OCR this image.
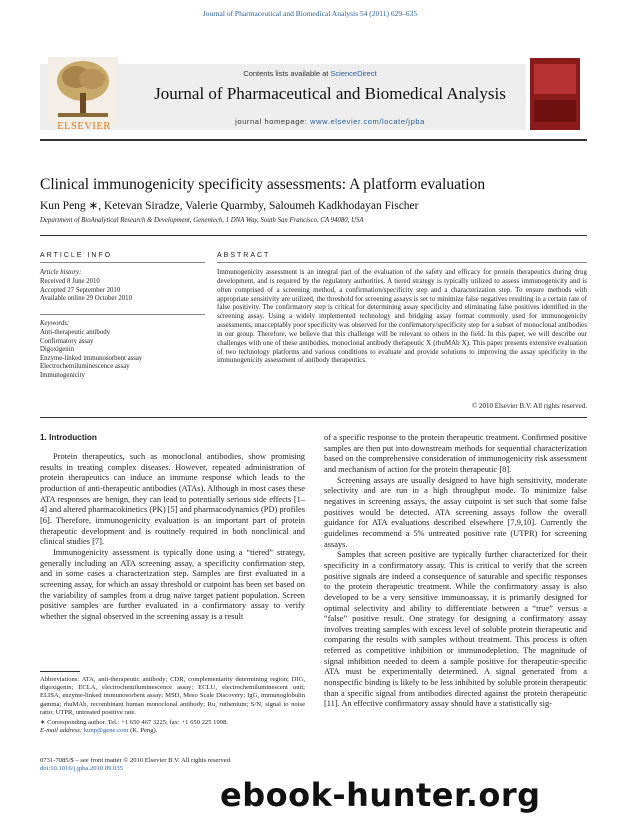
Journal of Pharmaceutical and Biomedical Analysis 54 (2011) 629–635
Contents lists available at ScienceDirect
Journal of Pharmaceutical and Biomedical Analysis
journal homepage: www.elsevier.com/locate/jpba
ELSEVIER
Clinical immunogenicity specificity assessments: A platform evaluation
Kun Peng ∗, Ketevan Siradze, Valerie Quarmby, Saloumeh Kadkhodayan Fischer
Department of BioAnalytical Research & Development, Genentech, 1 DNA Way, South San Francisco, CA 94080, USA
ARTICLE INFO	ABSTRACT
Article history:
Received 8 June 2010
Accepted 27 September 2010
Available online 29 October 2010
Keywords:
Anti-therapeutic antibody
Confirmatory assay
Digoxigenin
Enzyme-linked immunosorbent assay
Electrochemiluminescence assay
Immunogenicity
Immunogenicity assessment is an integral part of the evaluation of the safety and efficacy for protein therapeutics during drug development, and is required by the regulatory authorities. A tiered strategy is typically utilized to assess immunogenicity and is often comprised of a screening method, a confirmation/specificity step and a characterization step. To ensure methods with appropriate sensitivity are utilized, the threshold for screening assays is set to minimize false negatives resulting in a certain rate of false positivity. The confirmatory step is critical for determining assay specificity and eliminating false positives identified in the screening assay. Using a widely implemented technology and bridging assay format commonly used for immunogenicity assessments, unacceptably poor specificity was observed for the confirmatory/specificity step for a subset of monoclonal antibodies in our group. Therefore, we believe that this challenge will be relevant to others in the field. In this paper, we will describe our challenges with one of these antibodies, monoclonal antibody therapeutic X (rhuMAb X). This paper presents extensive evaluation of two technology platforms and various conditions to evaluate and provide solutions to improving the assay specificity in the immunogenicity assessment of antibody therapeutics.
© 2010 Elsevier B.V. All rights reserved.
1. Introduction

Protein therapeutics, such as monoclonal antibodies, show promising results in treating complex diseases. However, repeated administration of protein therapeutics can induce an immune response which leads to the production of anti-therapeutic antibodies (ATAs). Although in most cases these ATA responses are benign, they can lead to potentially serious side effects [1–4] and altered pharmacokinetics (PK) [5] and pharmacodynamics (PD) profiles [6]. Therefore, immunogenicity evaluation is an important part of protein therapeutic development and is routinely required in both nonclinical and clinical studies [7].

Immunogenicity assessment is typically done using a “tiered” strategy, generally including an ATA screening assay, a specificity confirmation step, and in some cases a characterization step. Samples are first evaluated in a screening assay, for which an assay threshold or cutpoint has been set based on the variability of samples from a drug naïve target patient population. Screen positive samples are further evaluated in a confirmatory assay to verify whether the signal observed in the screening assay is a result

of a specific response to the protein therapeutic treatment. Confirmed positive samples are then put into downstream methods for sequential characterization based on the comprehensive consideration of immunogenicity risk assessment and mechanism of action for the protein therapeutic [8].

Screening assays are usually designed to have high sensitivity, moderate selectivity and are run in a high throughput mode. To minimize false negatives in screening assays, the assay cutpoint is set such that some false positives would be detected. ATA screening assays follow the overall guidance for ATA evaluations described elsewhere [7,9,10]. Currently the guidelines recommend a 5% untreated positive rate (UTPR) for screening assays.

Samples that screen positive are typically further characterized for their specificity in a confirmatory assay. This is critical to verify that the screen positive signals are indeed a consequence of saturable and specific responses to the protein therapeutic treatment. While the confirmatory assay is also developed to be a very sensitive immunoassay, it is primarily designed for optimal selectivity and ability to differentiate between a “true” versus a “false” positive result. One strategy for designing a confirmatory assay involves treating samples with excess level of soluble protein therapeutic and comparing the results with samples without treatment. This process is often referred as competitive inhibition or immunodepletion. The magnitude of signal inhibition needed to deem a sample positive for therapeutic-specific ATA must be experimentally determined. A signal generated from a nonspecific binding is likely to be less inhibited by soluble protein therapeutic than a specific signal from antibodies directed against the protein therapeutic [11]. An effective confirmatory assay should have a statistically sig-

Abbreviations: ATA, anti-therapeutic antibody; CDR, complementarity determining region; DIG, digoxigenin; ECLA, electrochemiluminescence assay; ECLU, electrochemiluminescent unit; ELISA, enzyme-linked immunosorbent assay; MSD, Meso Scale Discovery; IgG, immunoglobulin gamma; rhuMAb, recombinant human monoclonal antibody; Ru, ruthenium; S/N, signal to noise ratio; UTPR, untreated positive rate.

∗ Corresponding author. Tel.: +1 650 467 3225; fax: +1 650 225 1998.

E-mail address: kunp@gene.com (K. Peng).

0731-7085/$ – see front matter © 2010 Elsevier B.V. All rights reserved.
doi:10.1016/j.jpba.2010.09.035
ebook-hunter.org
